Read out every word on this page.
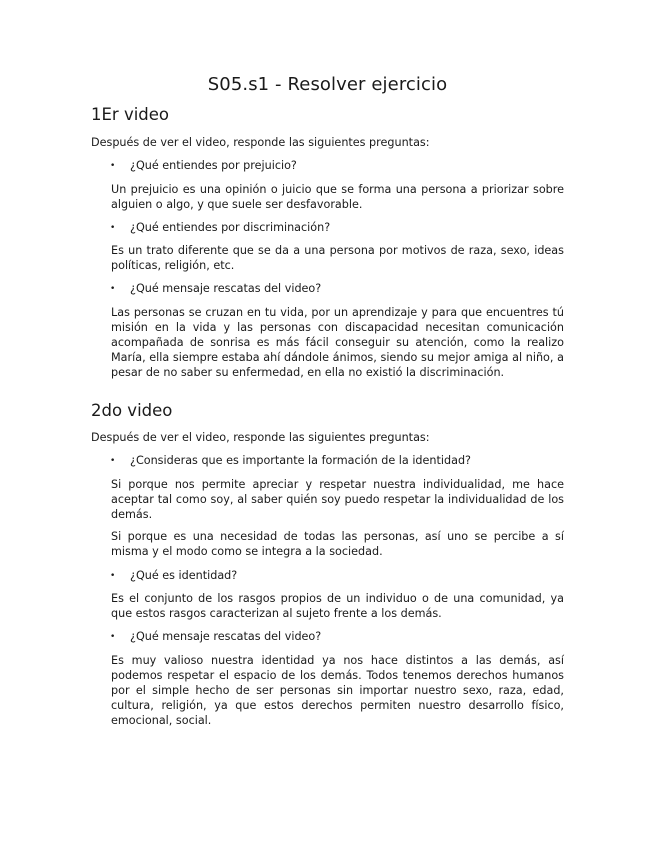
S05.s1 - Resolver ejercicio
1Er video

Después de ver el video, responde las siguientes preguntas:

• ¿Qué entiendes por prejuicio?

Un prejuicio es una opinión o juicio que se forma una persona a priorizar sobre alguien o algo, y que suele ser desfavorable.

• ¿Qué entiendes por discriminación?

Es un trato diferente que se da a una persona por motivos de raza, sexo, ideas políticas, religión, etc.

• ¿Qué mensaje rescatas del video?

Las personas se cruzan en tu vida, por un aprendizaje y para que encuentres tú misión en la vida y las personas con discapacidad necesitan comunicación acompañada de sonrisa es más fácil conseguir su atención, como la realizo María, ella siempre estaba ahí dándole ánimos, siendo su mejor amiga al niño, a pesar de no saber su enfermedad, en ella no existió la discriminación.

2do video

Después de ver el video, responde las siguientes preguntas:

• ¿Consideras que es importante la formación de la identidad?

Si porque nos permite apreciar y respetar nuestra individualidad, me hace aceptar tal como soy, al saber quién soy puedo respetar la individualidad de los demás.

Si porque es una necesidad de todas las personas, así uno se percibe a sí misma y el modo como se integra a la sociedad.

• ¿Qué es identidad?

Es el conjunto de los rasgos propios de un individuo o de una comunidad, ya que estos rasgos caracterizan al sujeto frente a los demás.

• ¿Qué mensaje rescatas del video?

Es muy valioso nuestra identidad ya nos hace distintos a las demás, así podemos respetar el espacio de los demás. Todos tenemos derechos humanos por el simple hecho de ser personas sin importar nuestro sexo, raza, edad, cultura, religión, ya que estos derechos permiten nuestro desarrollo físico, emocional, social.
